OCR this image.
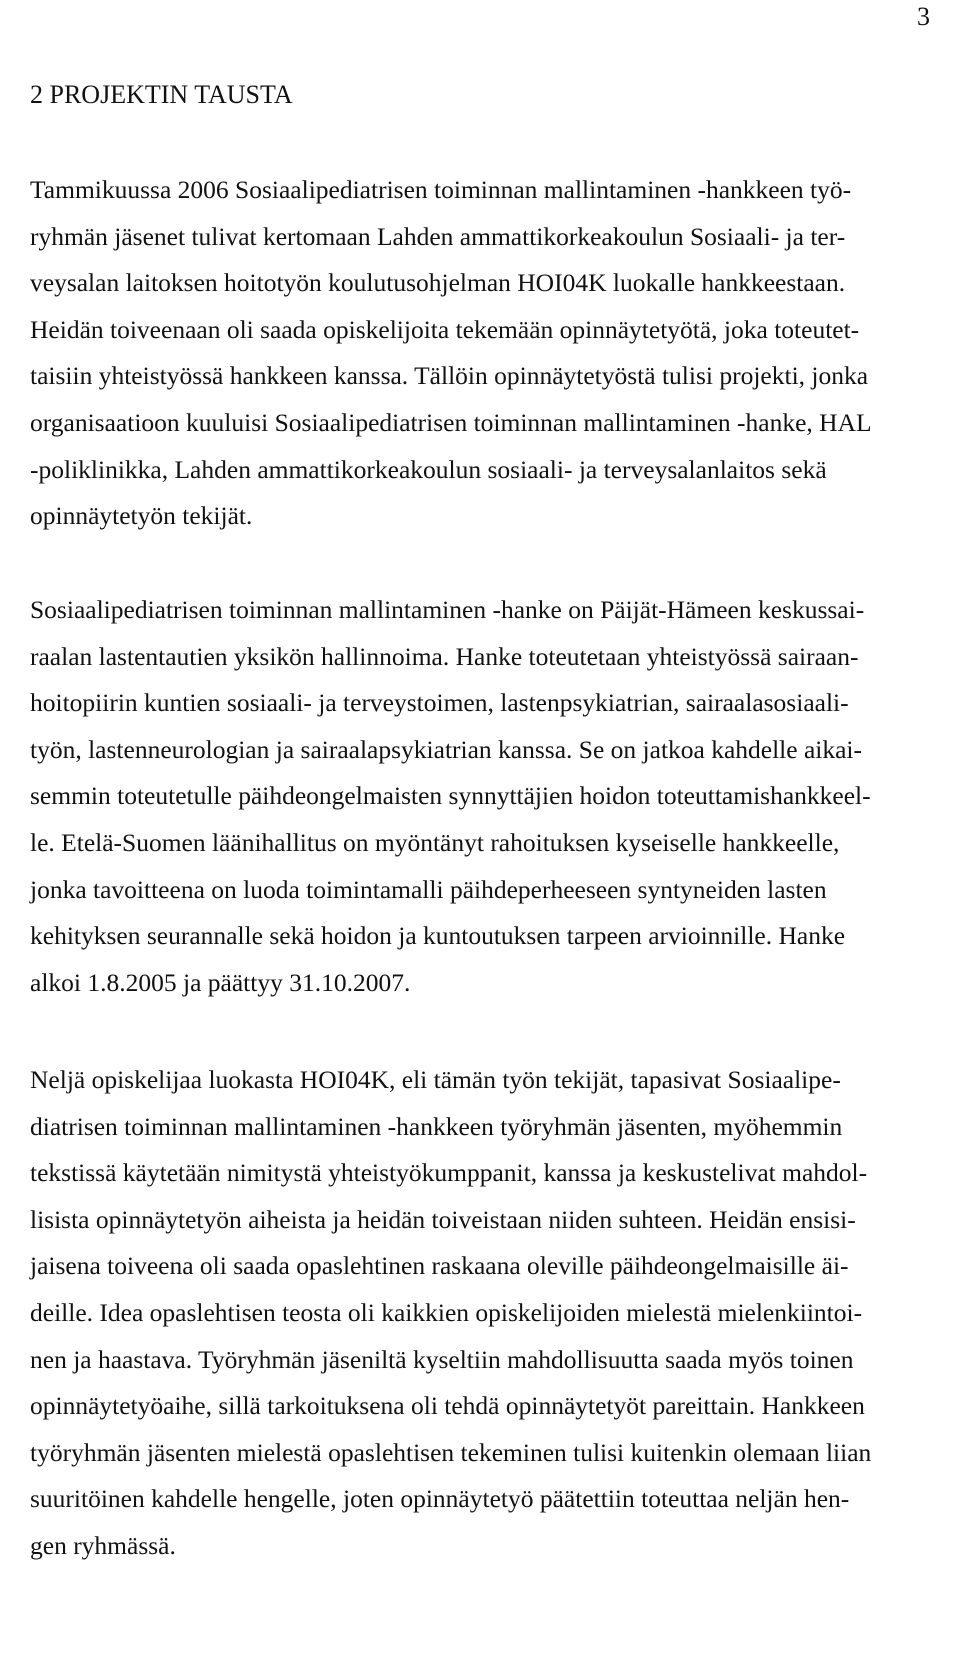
3
2 PROJEKTIN TAUSTA

Tammikuussa 2006 Sosiaalipediatrisen toiminnan mallintaminen -hankkeen työ-
ryhmän jäsenet tulivat kertomaan Lahden ammattikorkeakoulun Sosiaali- ja ter-
veysalan laitoksen hoitotyön koulutusohjelman HOI04K luokalle hankkeestaan.
Heidän toiveenaan oli saada opiskelijoita tekemään opinnäytetyötä, joka toteutet-
taisiin yhteistyössä hankkeen kanssa. Tällöin opinnäytetyöstä tulisi projekti, jonka
organisaatioon kuuluisi Sosiaalipediatrisen toiminnan mallintaminen -hanke, HAL
-poliklinikka, Lahden ammattikorkeakoulun sosiaali- ja terveysalanlaitos sekä
opinnäytetyön tekijät.

Sosiaalipediatrisen toiminnan mallintaminen -hanke on Päijät-Hämeen keskussai-
raalan lastentautien yksikön hallinnoima. Hanke toteutetaan yhteistyössä sairaan-
hoitopiirin kuntien sosiaali- ja terveystoimen, lastenpsykiatrian, sairaalasosiaali-
työn, lastenneurologian ja sairaalapsykiatrian kanssa. Se on jatkoa kahdelle aikai-
semmin toteutetulle päihdeongelmaisten synnyttäjien hoidon toteuttamishankkeel-
le. Etelä-Suomen läänihallitus on myöntänyt rahoituksen kyseiselle hankkeelle,
jonka tavoitteena on luoda toimintamalli päihdeperheeseen syntyneiden lasten
kehityksen seurannalle sekä hoidon ja kuntoutuksen tarpeen arvioinnille. Hanke
alkoi 1.8.2005 ja päättyy 31.10.2007.

Neljä opiskelijaa luokasta HOI04K, eli tämän työn tekijät, tapasivat Sosiaalipe-
diatrisen toiminnan mallintaminen -hankkeen työryhmän jäsenten, myöhemmin
tekstissä käytetään nimitystä yhteistyökumppanit, kanssa ja keskustelivat mahdol-
lisista opinnäytetyön aiheista ja heidän toiveistaan niiden suhteen. Heidän ensisi-
jaisena toiveena oli saada opaslehtinen raskaana oleville päihdeongelmaisille äi-
deille. Idea opaslehtisen teosta oli kaikkien opiskelijoiden mielestä mielenkiintoi-
nen ja haastava. Työryhmän jäseniltä kyseltiin mahdollisuutta saada myös toinen
opinnäytetyöaihe, sillä tarkoituksena oli tehdä opinnäytetyöt pareittain. Hankkeen
työryhmän jäsenten mielestä opaslehtisen tekeminen tulisi kuitenkin olemaan liian
suuritöinen kahdelle hengelle, joten opinnäytetyö päätettiin toteuttaa neljän hen-
gen ryhmässä.
